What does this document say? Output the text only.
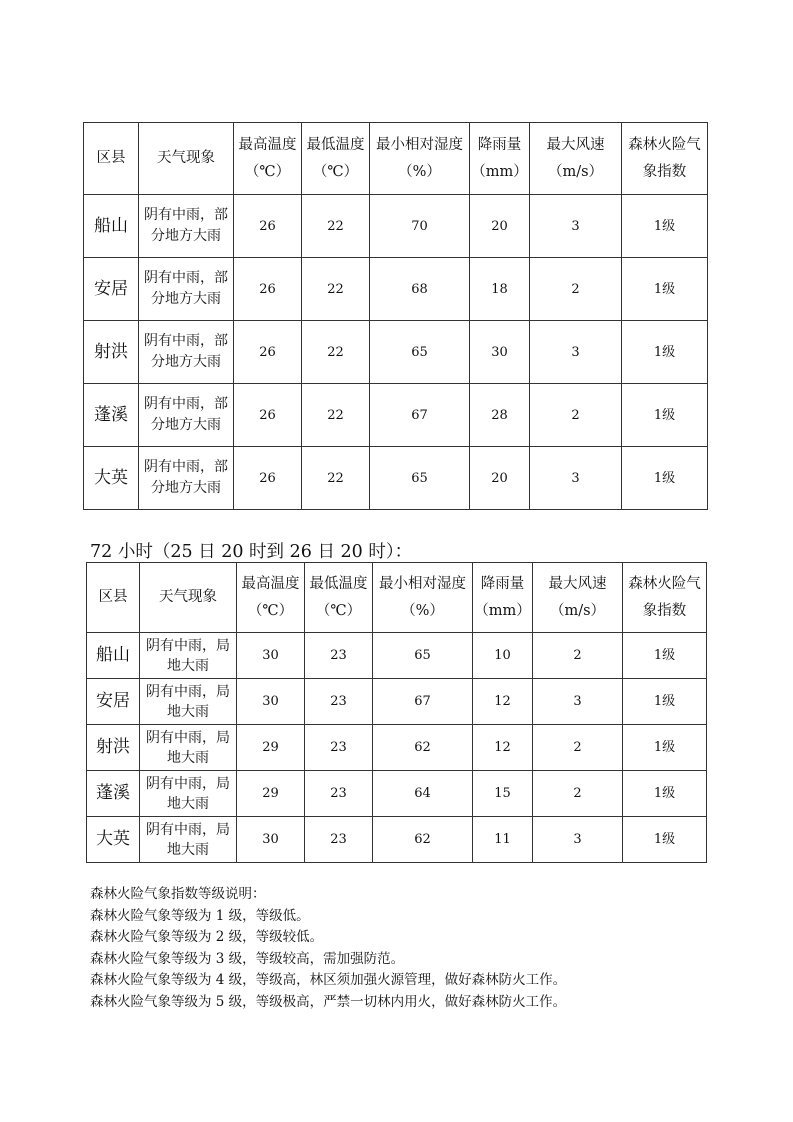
区县	天气现象	最高温度（℃）	最低温度（℃）	最小相对湿度（%）	降雨量（mm）	最大风速（m/s）	森林火险气象指数
船山	阴有中雨，部分地方大雨	26	22	70	20	3	1级
安居	阴有中雨，部分地方大雨	26	22	68	18	2	1级
射洪	阴有中雨，部分地方大雨	26	22	65	30	3	1级
蓬溪	阴有中雨，部分地方大雨	26	22	67	28	2	1级
大英	阴有中雨，部分地方大雨	26	22	65	20	3	1级
72 小时（25 日 20 时到 26 日 20 时）：
区县	天气现象	最高温度（℃）	最低温度（℃）	最小相对湿度（%）	降雨量（mm）	最大风速（m/s）	森林火险气象指数
船山	阴有中雨，局地大雨	30	23	65	10	2	1级
安居	阴有中雨，局地大雨	30	23	67	12	3	1级
射洪	阴有中雨，局地大雨	29	23	62	12	2	1级
蓬溪	阴有中雨，局地大雨	29	23	64	15	2	1级
大英	阴有中雨，局地大雨	30	23	62	11	3	1级
森林火险气象指数等级说明：
森林火险气象等级为 1 级，等级低。
森林火险气象等级为 2 级，等级较低。
森林火险气象等级为 3 级，等级较高，需加强防范。
森林火险气象等级为 4 级，等级高，林区须加强火源管理，做好森林防火工作。
森林火险气象等级为 5 级，等级极高，严禁一切林内用火，做好森林防火工作。
